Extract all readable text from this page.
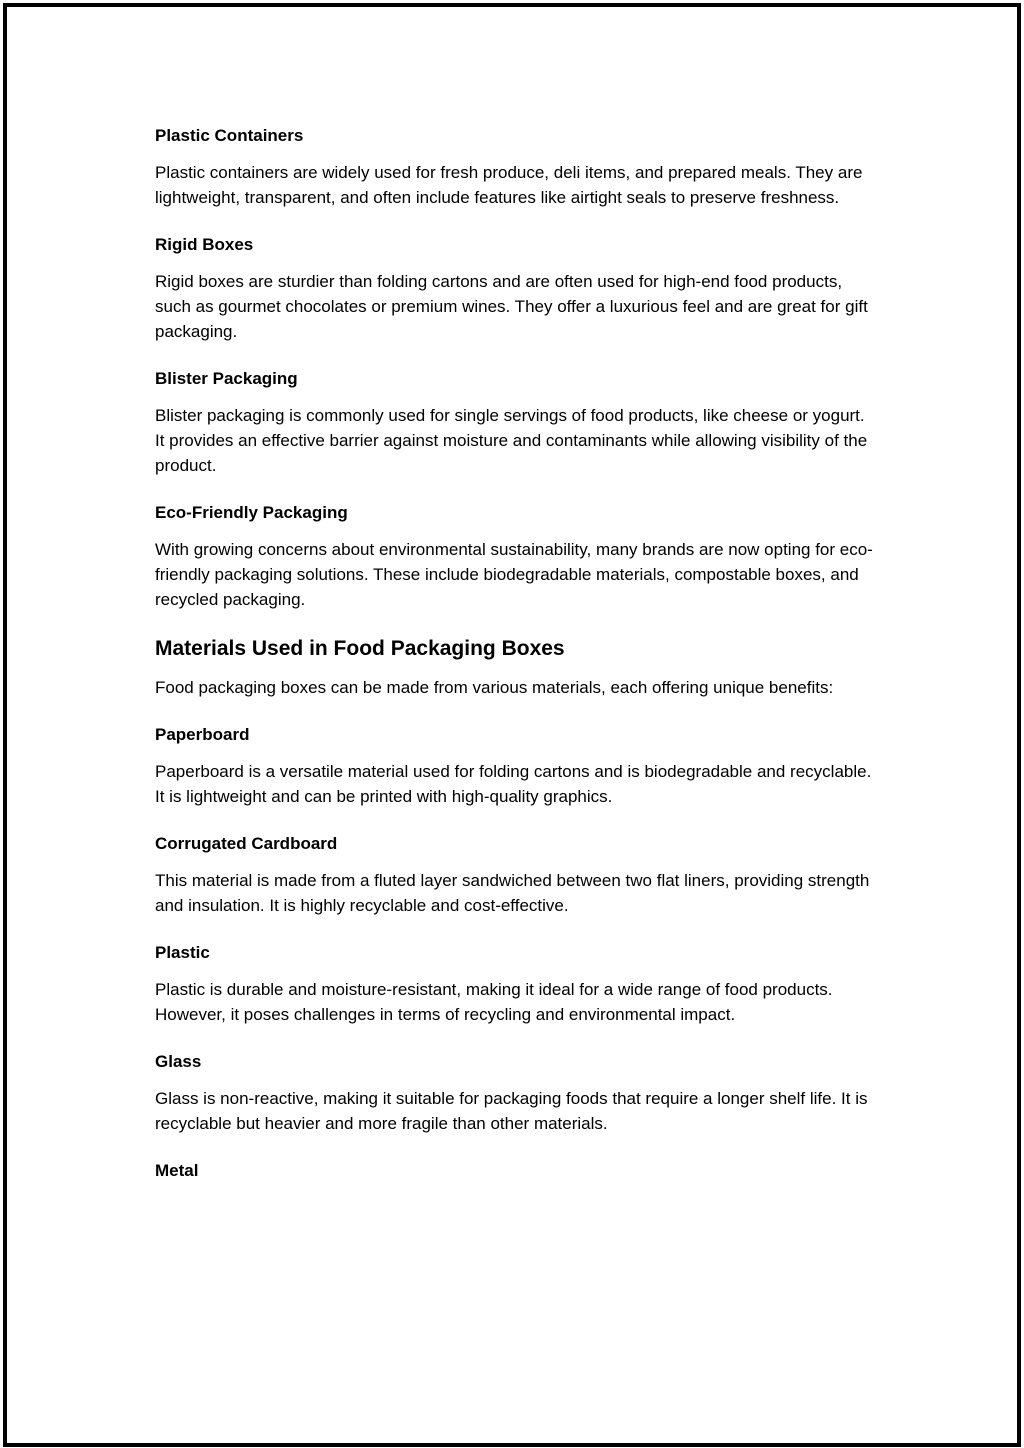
Plastic Containers

Plastic containers are widely used for fresh produce, deli items, and prepared meals. They are lightweight, transparent, and often include features like airtight seals to preserve freshness.

Rigid Boxes

Rigid boxes are sturdier than folding cartons and are often used for high-end food products, such as gourmet chocolates or premium wines. They offer a luxurious feel and are great for gift packaging.

Blister Packaging

Blister packaging is commonly used for single servings of food products, like cheese or yogurt. It provides an effective barrier against moisture and contaminants while allowing visibility of the product.

Eco-Friendly Packaging

With growing concerns about environmental sustainability, many brands are now opting for eco-friendly packaging solutions. These include biodegradable materials, compostable boxes, and recycled packaging.

Materials Used in Food Packaging Boxes

Food packaging boxes can be made from various materials, each offering unique benefits:

Paperboard

Paperboard is a versatile material used for folding cartons and is biodegradable and recyclable. It is lightweight and can be printed with high-quality graphics.

Corrugated Cardboard

This material is made from a fluted layer sandwiched between two flat liners, providing strength and insulation. It is highly recyclable and cost-effective.

Plastic

Plastic is durable and moisture-resistant, making it ideal for a wide range of food products. However, it poses challenges in terms of recycling and environmental impact.

Glass

Glass is non-reactive, making it suitable for packaging foods that require a longer shelf life. It is recyclable but heavier and more fragile than other materials.

Metal
